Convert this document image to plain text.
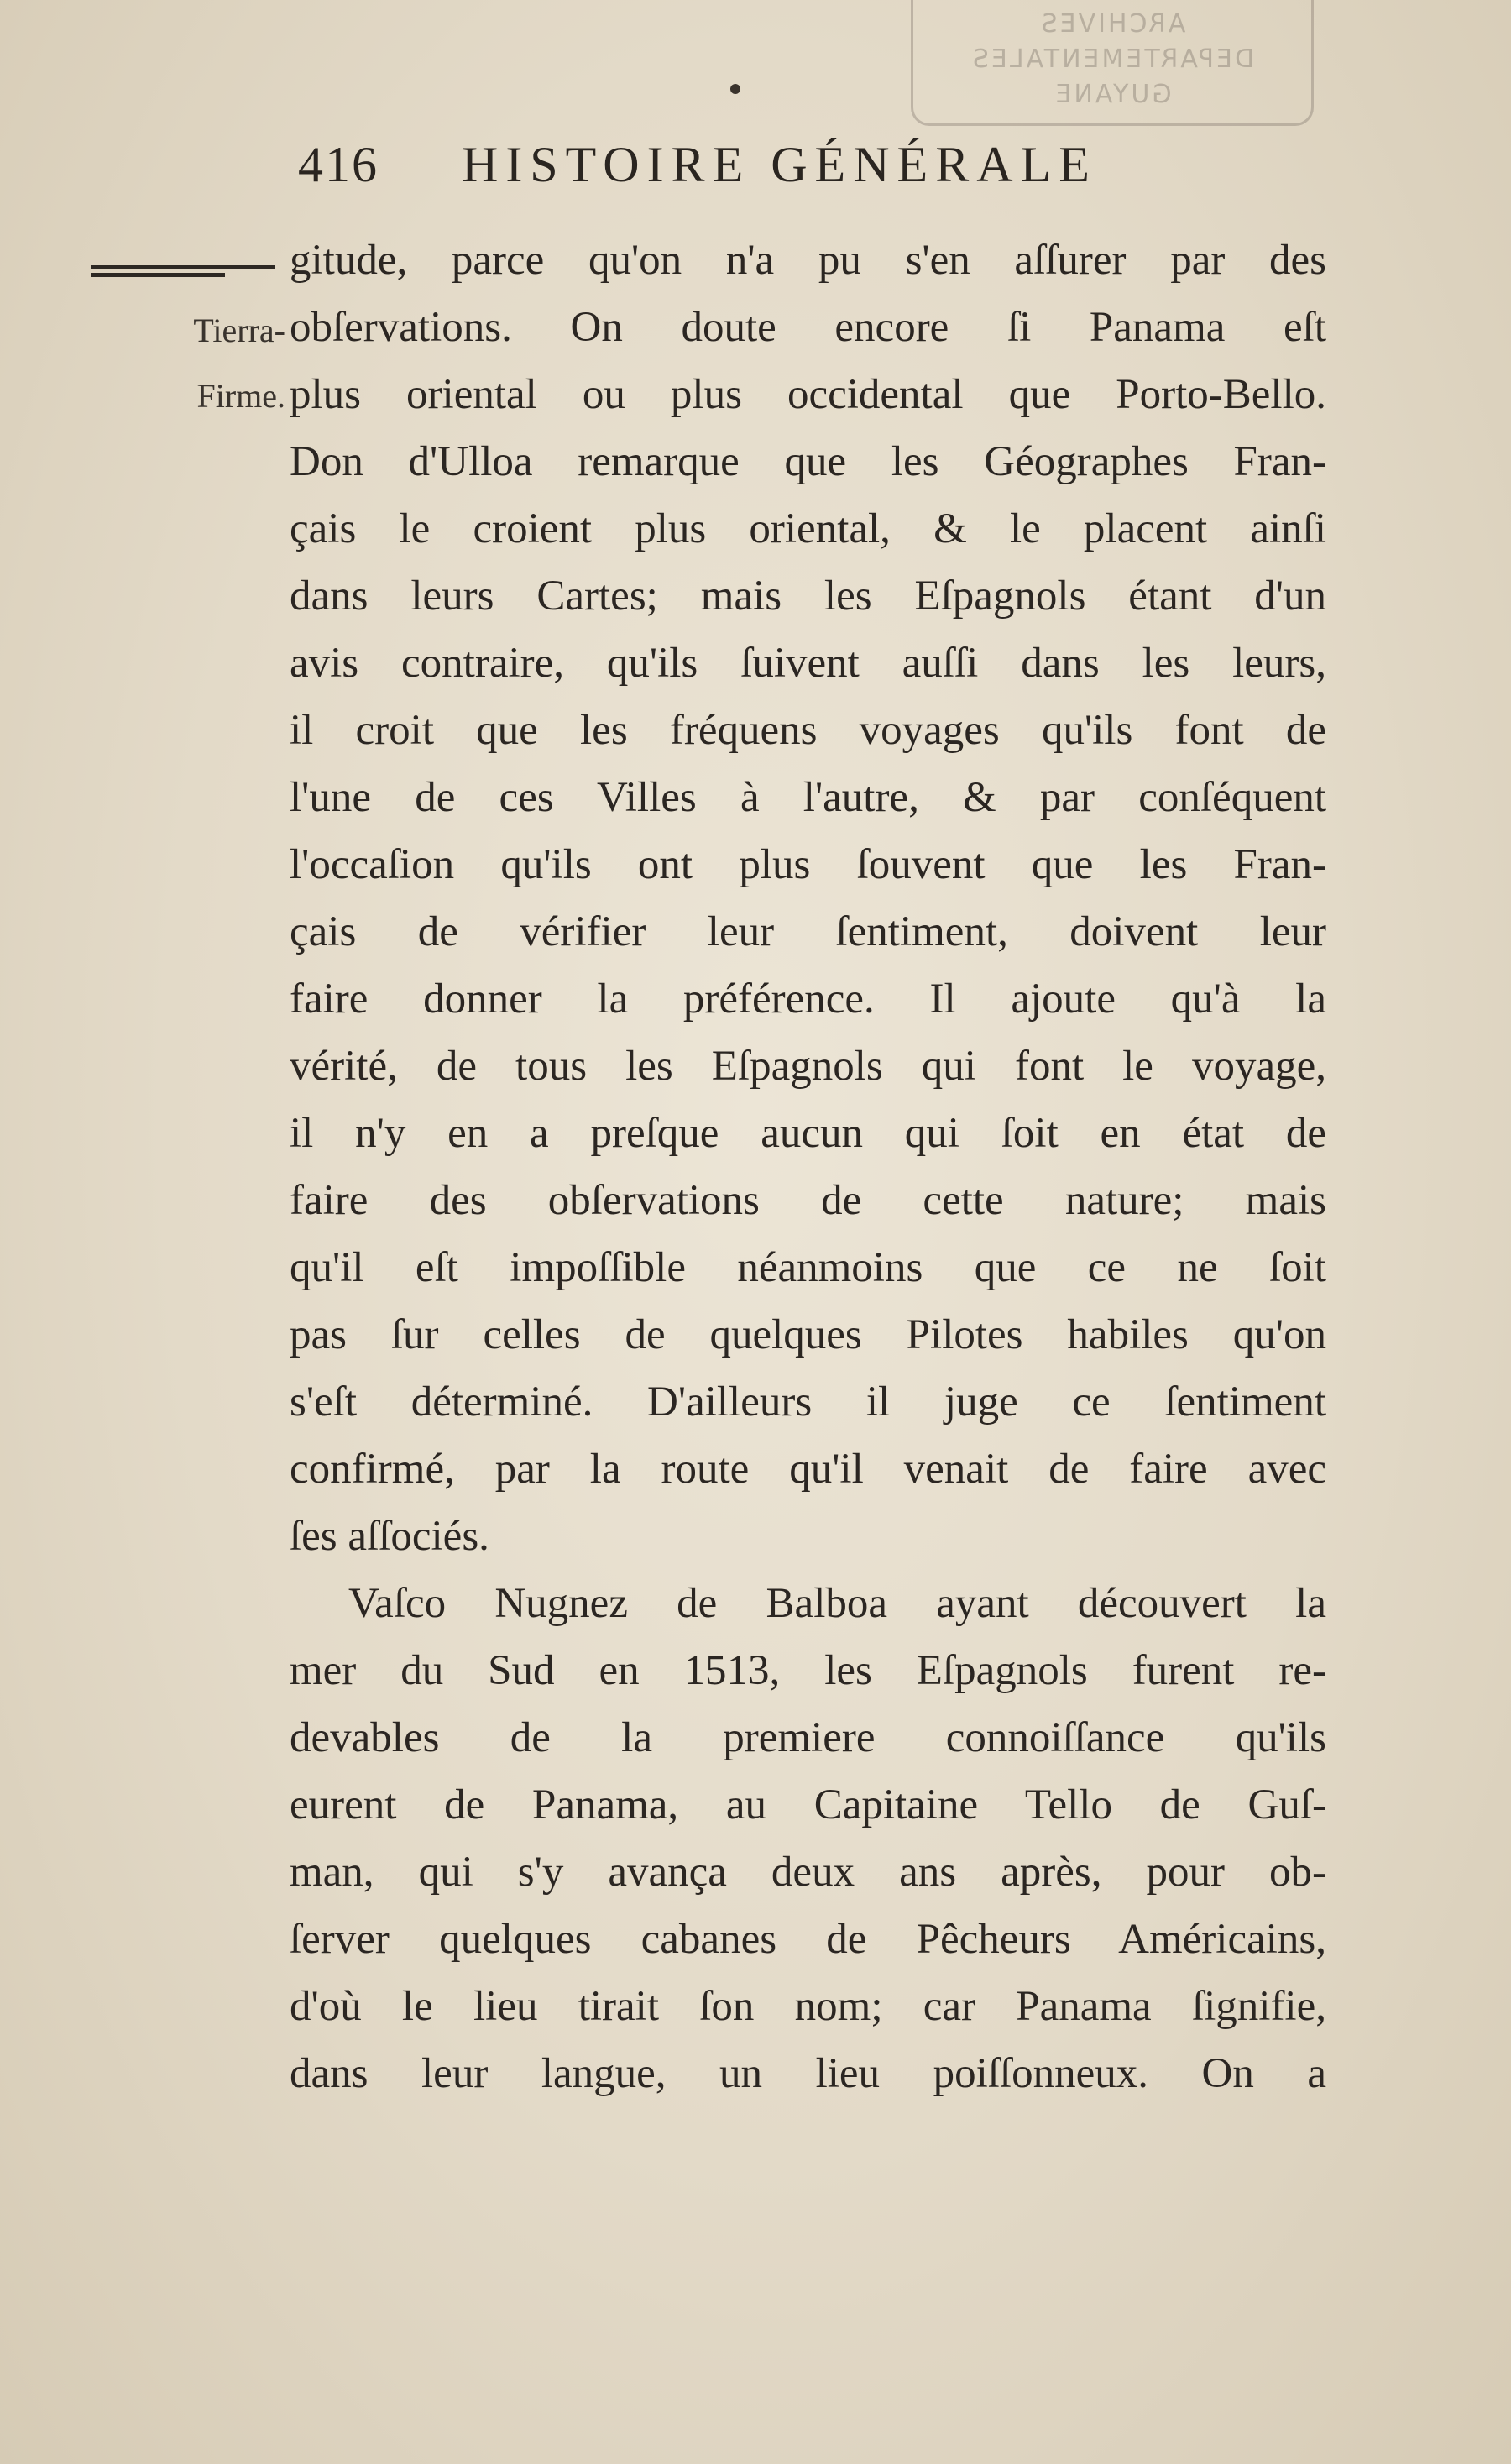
ARCHIVES
DEPARTEMENTALES
GUYANE
416 HISTOIRE GÉNÉRALE
Tierra-
Firme.
gitude, parce qu'on n'a pu s'en aſſurer par des
obſervations. On doute encore ſi Panama eſt
plus oriental ou plus occidental que Porto-Bello.
Don d'Ulloa remarque que les Géographes Fran-
çais le croient plus oriental, & le placent ainſi
dans leurs Cartes; mais les Eſpagnols étant d'un
avis contraire, qu'ils ſuivent auſſi dans les leurs,
il croit que les fréquens voyages qu'ils font de
l'une de ces Villes à l'autre, & par conſéquent
l'occaſion qu'ils ont plus ſouvent que les Fran-
çais de vérifier leur ſentiment, doivent leur
faire donner la préférence. Il ajoute qu'à la
vérité, de tous les Eſpagnols qui font le voyage,
il n'y en a preſque aucun qui ſoit en état de
faire des obſervations de cette nature; mais
qu'il eſt impoſſible néanmoins que ce ne ſoit
pas ſur celles de quelques Pilotes habiles qu'on
s'eſt déterminé. D'ailleurs il juge ce ſentiment
confirmé, par la route qu'il venait de faire avec
ſes aſſociés.
Vaſco Nugnez de Balboa ayant découvert la
mer du Sud en 1513, les Eſpagnols furent re-
devables de la premiere connoiſſance qu'ils
eurent de Panama, au Capitaine Tello de Guſ-
man, qui s'y avança deux ans après, pour ob-
ſerver quelques cabanes de Pêcheurs Américains,
d'où le lieu tirait ſon nom; car Panama ſignifie,
dans leur langue, un lieu poiſſonneux. On a
